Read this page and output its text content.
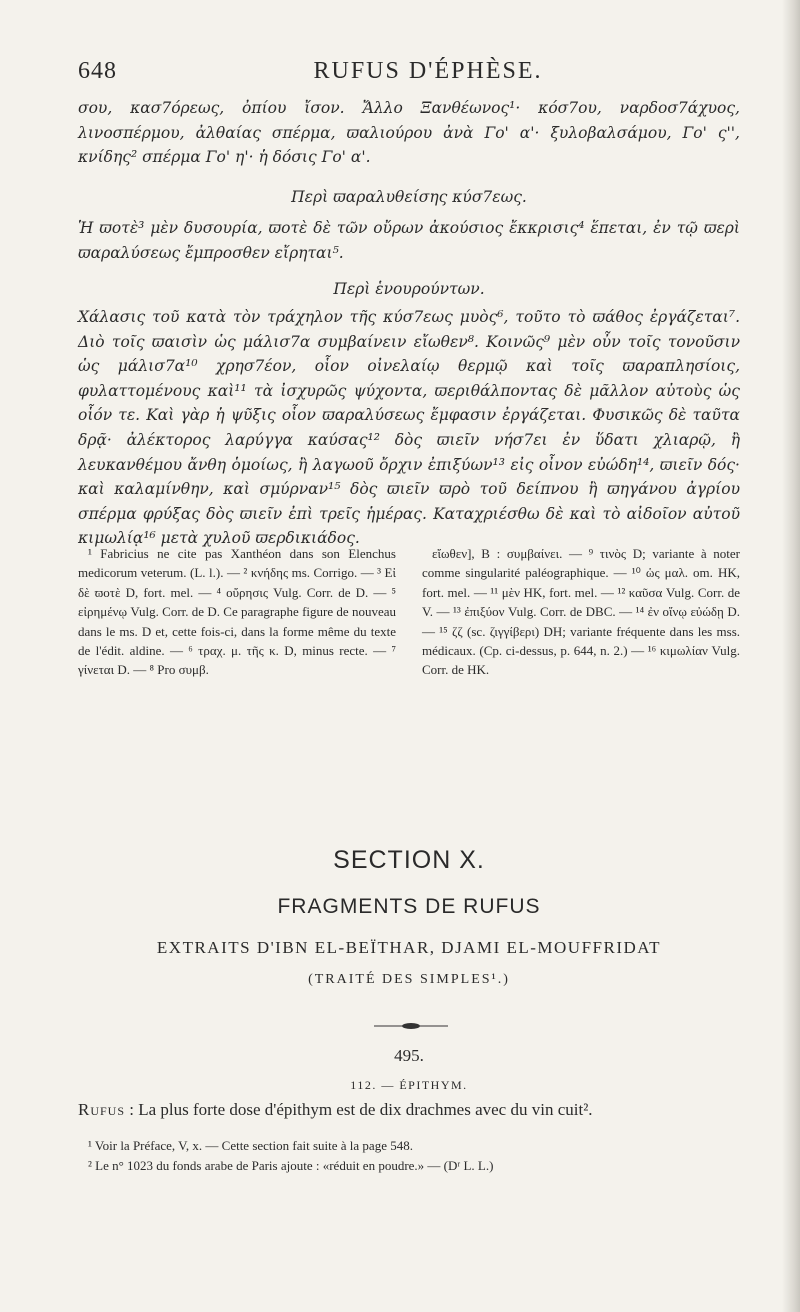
648	RUFUS D'ÉPHÈSE.
σου, κασ7όρεως, ὀπίου ἴσον. Ἄλλο Ξανθέωνος¹· κόσ7ου, ναρδοσ7άχυος, λινοσπέρμου, ἀλθαίας σπέρμα, ϖαλιούρου ἀνὰ Γο' α'· ξυλοβαλσάμου, Γο' ς'', κνίδης² σπέρμα Γο' η'· ἡ δόσις Γο' α'.
Περὶ ϖαραλυθείσης κύσ7εως.
Ἡ ϖοτὲ³ μὲν δυσουρία, ϖοτὲ δὲ τῶν οὔρων ἀκούσιος ἔκκρισις⁴ ἕπεται, ἐν τῷ ϖερὶ ϖαραλύσεως ἔμπροσθεν εἴρηται⁵.
Περὶ ἑνουρούντων.
Χάλασις τοῦ κατὰ τὸν τράχηλον τῆς κύσ7εως μυὸς⁶, τοῦτο τὸ ϖάθος ἐργάζεται⁷. Διὸ τοῖς ϖαισὶν ὡς μάλισ7α συμβαίνειν εἴωθεν⁸. Κοινῶς⁹ μὲν οὖν τοῖς τονοῦσιν ὡς μάλισ7α¹⁰ χρησ7έον, οἷον οἰνελαίῳ θερμῷ καὶ τοῖς ϖαραπλησίοις, φυλαττομένους καὶ¹¹ τὰ ἰσχυρῶς ψύχοντα, ϖεριθάλποντας δὲ μᾶλλον αὐτοὺς ὡς οἷόν τε. Καὶ γὰρ ἡ ψῦξις οἷον ϖαραλύσεως ἔμφασιν ἐργάζεται. Φυσικῶς δὲ ταῦτα δρᾷ· ἀλέκτορος λαρύγγα καύσας¹² δὸς ϖιεῖν νήσ7ει ἐν ὕδατι χλιαρῷ, ἢ λευκανθέμου ἄνθη ὁμοίως, ἢ λαγωοῦ ὄρχιν ἐπιξύων¹³ εἰς οἶνον εὐώδη¹⁴, ϖιεῖν δός· καὶ καλαμίνθην, καὶ σμύρναν¹⁵ δὸς ϖιεῖν ϖρὸ τοῦ δείπνου ἢ ϖηγάνου ἀγρίου σπέρμα φρύξας δὸς ϖιεῖν ἐπὶ τρεῖς ἡμέρας. Καταχριέσθω δὲ καὶ τὸ αἰδοῖον αὐτοῦ κιμωλίᾳ¹⁶ μετὰ χυλοῦ ϖερδικιάδος.

¹ Fabricius ne cite pas Xanthéon dans son Elenchus medicorum veterum. (L. l.). — ² κνήδης ms. Corrigo. — ³ Εἰ δὲ ϖοτὲ D, fort. mel. — ⁴ οὔρησις Vulg. Corr. de D. — ⁵ εἰρημένῳ Vulg. Corr. de D. Ce paragraphe figure de nouveau dans le ms. D et, cette fois-ci, dans la forme même du texte de l'édit. aldine. — ⁶ τραχ. μ. τῆς κ. D, minus recte. — ⁷ γίνεται D. — ⁸ Pro συμβ.

εἴωθεν], B : συμβαίνει. — ⁹ τινὸς D; variante à noter comme singularité paléographique. — ¹⁰ ὡς μαλ. om. HK, fort. mel. — ¹¹ μὲν HK, fort. mel. — ¹² καῦσα Vulg. Corr. de V. — ¹³ ἐπιξύον Vulg. Corr. de DBC. — ¹⁴ ἐν οἴνῳ εὐώδῃ D. — ¹⁵ ζζ (sc. ζιγγίβερι) DH; variante fréquente dans les mss. médicaux. (Cp. ci-dessus, p. 644, n. 2.) — ¹⁶ κιμωλίαν Vulg. Corr. de HK.

SECTION X.
FRAGMENTS DE RUFUS
EXTRAITS D'IBN EL-BEÏTHAR, DJAMI EL-MOUFFRIDAT
(TRAITÉ DES SIMPLES¹.)
495.
112. — ÉPITHYM.
Rufus : La plus forte dose d'épithym est de dix drachmes avec du vin cuit².

¹ Voir la Préface, V, x. — Cette section fait suite à la page 548.

² Le n° 1023 du fonds arabe de Paris ajoute : «réduit en poudre.» — (Dʳ L. L.)
